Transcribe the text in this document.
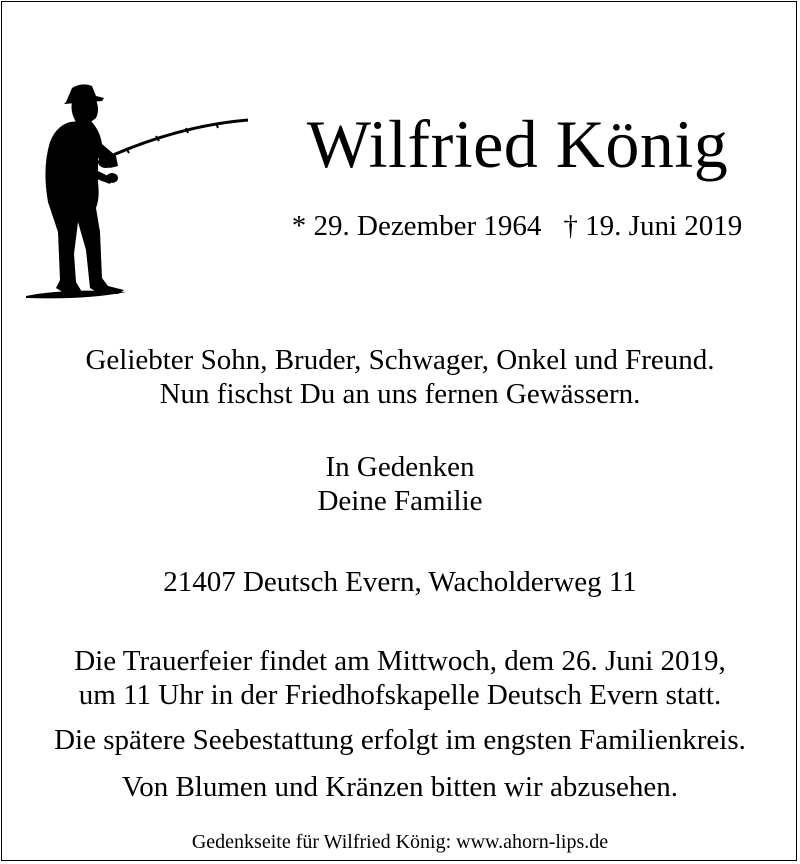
Wilfried König
* 29. Dezember 1964 † 19. Juni 2019

Geliebter Sohn, Bruder, Schwager, Onkel und Freund.

Nun fischst Du an uns fernen Gewässern.

In Gedenken

Deine Familie

21407 Deutsch Evern, Wacholderweg 11

Die Trauerfeier findet am Mittwoch, dem 26. Juni 2019,

um 11 Uhr in der Friedhofskapelle Deutsch Evern statt.

Die spätere Seebestattung erfolgt im engsten Familienkreis.

Von Blumen und Kränzen bitten wir abzusehen.

Gedenkseite für Wilfried König: www.ahorn-lips.de
